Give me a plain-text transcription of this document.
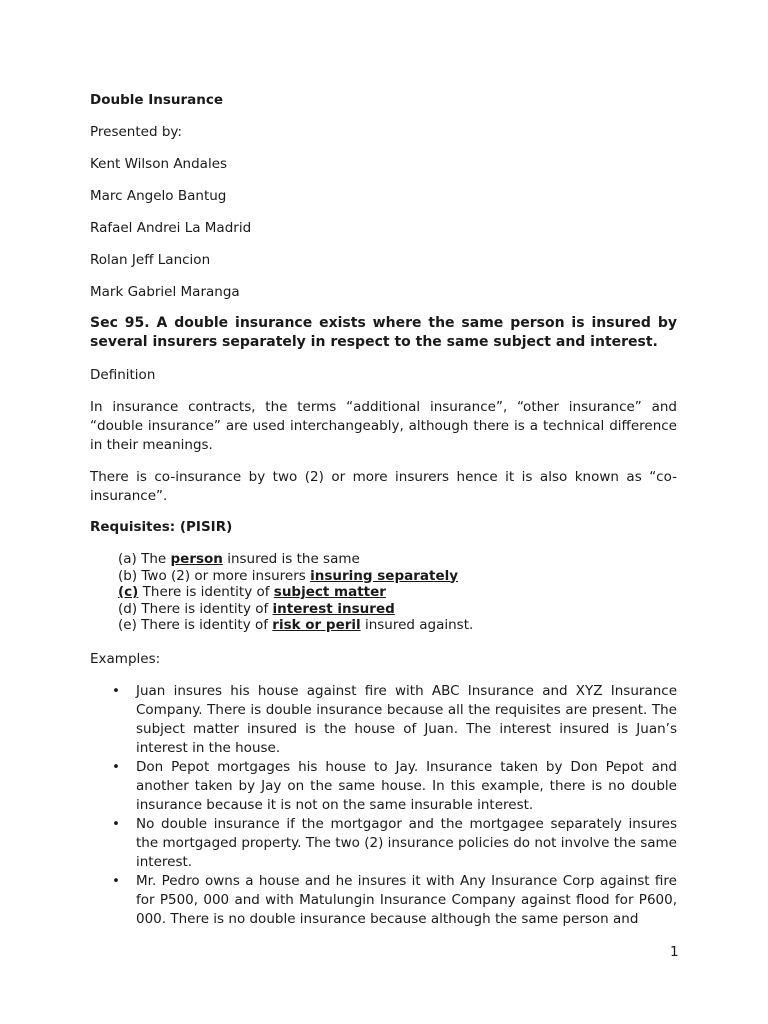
Double Insurance
Presented by:
Kent Wilson Andales
Marc Angelo Bantug
Rafael Andrei La Madrid
Rolan Jeff Lancion
Mark Gabriel Maranga
Sec 95. A double insurance exists where the same person is insured by several insurers separately in respect to the same subject and interest.
Definition
In insurance contracts, the terms “additional insurance”, “other insurance” and “double insurance” are used interchangeably, although there is a technical difference in their meanings.
There is co-insurance by two (2) or more insurers hence it is also known as “co-insurance”.
Requisites: (PISIR)
(a) The person insured is the same
(b) Two (2) or more insurers insuring separately
(c) There is identity of subject matter
(d) There is identity of interest insured
(e) There is identity of risk or peril insured against.
Examples:
• Juan insures his house against fire with ABC Insurance and XYZ Insurance Company. There is double insurance because all the requisites are present. The subject matter insured is the house of Juan. The interest insured is Juan’s interest in the house.
• Don Pepot mortgages his house to Jay. Insurance taken by Don Pepot and another taken by Jay on the same house. In this example, there is no double insurance because it is not on the same insurable interest.
• No double insurance if the mortgagor and the mortgagee separately insures the mortgaged property. The two (2) insurance policies do not involve the same interest.
• Mr. Pedro owns a house and he insures it with Any Insurance Corp against fire for P500, 000 and with Matulungin Insurance Company against flood for P600, 000. There is no double insurance because although the same person and
1
